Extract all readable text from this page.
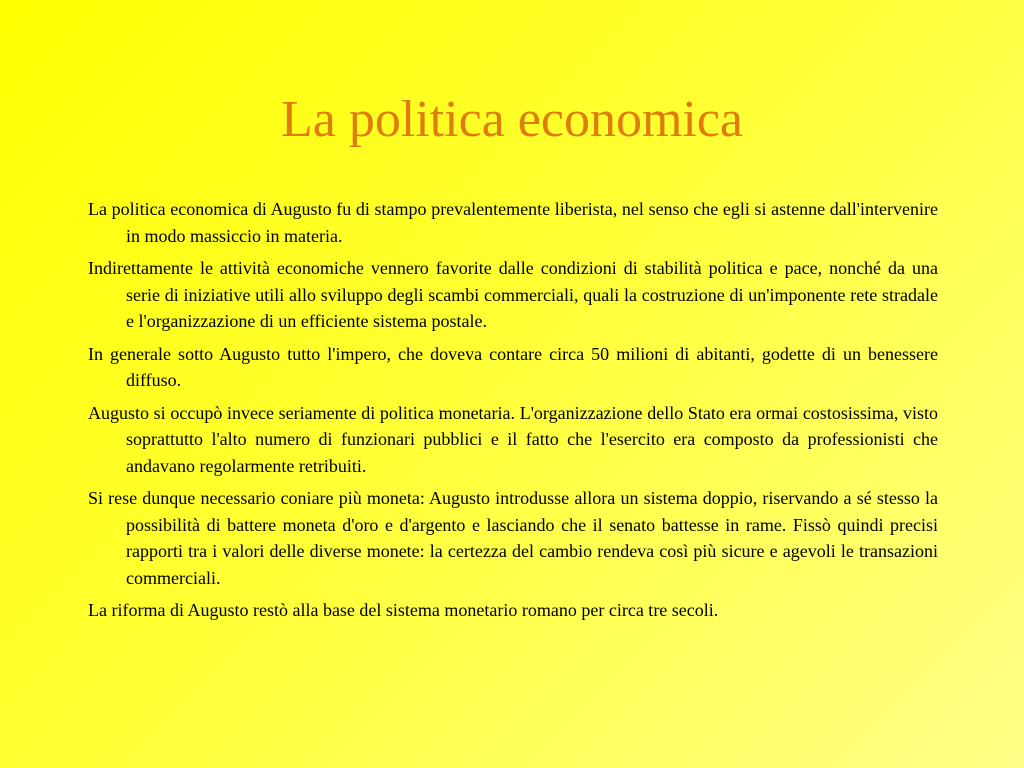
La politica economica

La politica economica di Augusto fu di stampo prevalentemente liberista, nel senso che egli si astenne dall'intervenire in modo massiccio in materia.

Indirettamente le attività economiche vennero favorite dalle condizioni di stabilità politica e pace, nonché da una serie di iniziative utili allo sviluppo degli scambi commerciali, quali la costruzione di un'imponente rete stradale e l'organizzazione di un efficiente sistema postale.

In generale sotto Augusto tutto l'impero, che doveva contare circa 50 milioni di abitanti, godette di un benessere diffuso.

Augusto si occupò invece seriamente di politica monetaria. L'organizzazione dello Stato era ormai costosissima, visto soprattutto l'alto numero di funzionari pubblici e il fatto che l'esercito era composto da professionisti che andavano regolarmente retribuiti.

Si rese dunque necessario coniare più moneta: Augusto introdusse allora un sistema doppio, riservando a sé stesso la possibilità di battere moneta d'oro e d'argento e lasciando che il senato battesse in rame. Fissò quindi precisi rapporti tra i valori delle diverse monete: la certezza del cambio rendeva così più sicure e agevoli le transazioni commerciali.

La riforma di Augusto restò alla base del sistema monetario romano per circa tre secoli.
